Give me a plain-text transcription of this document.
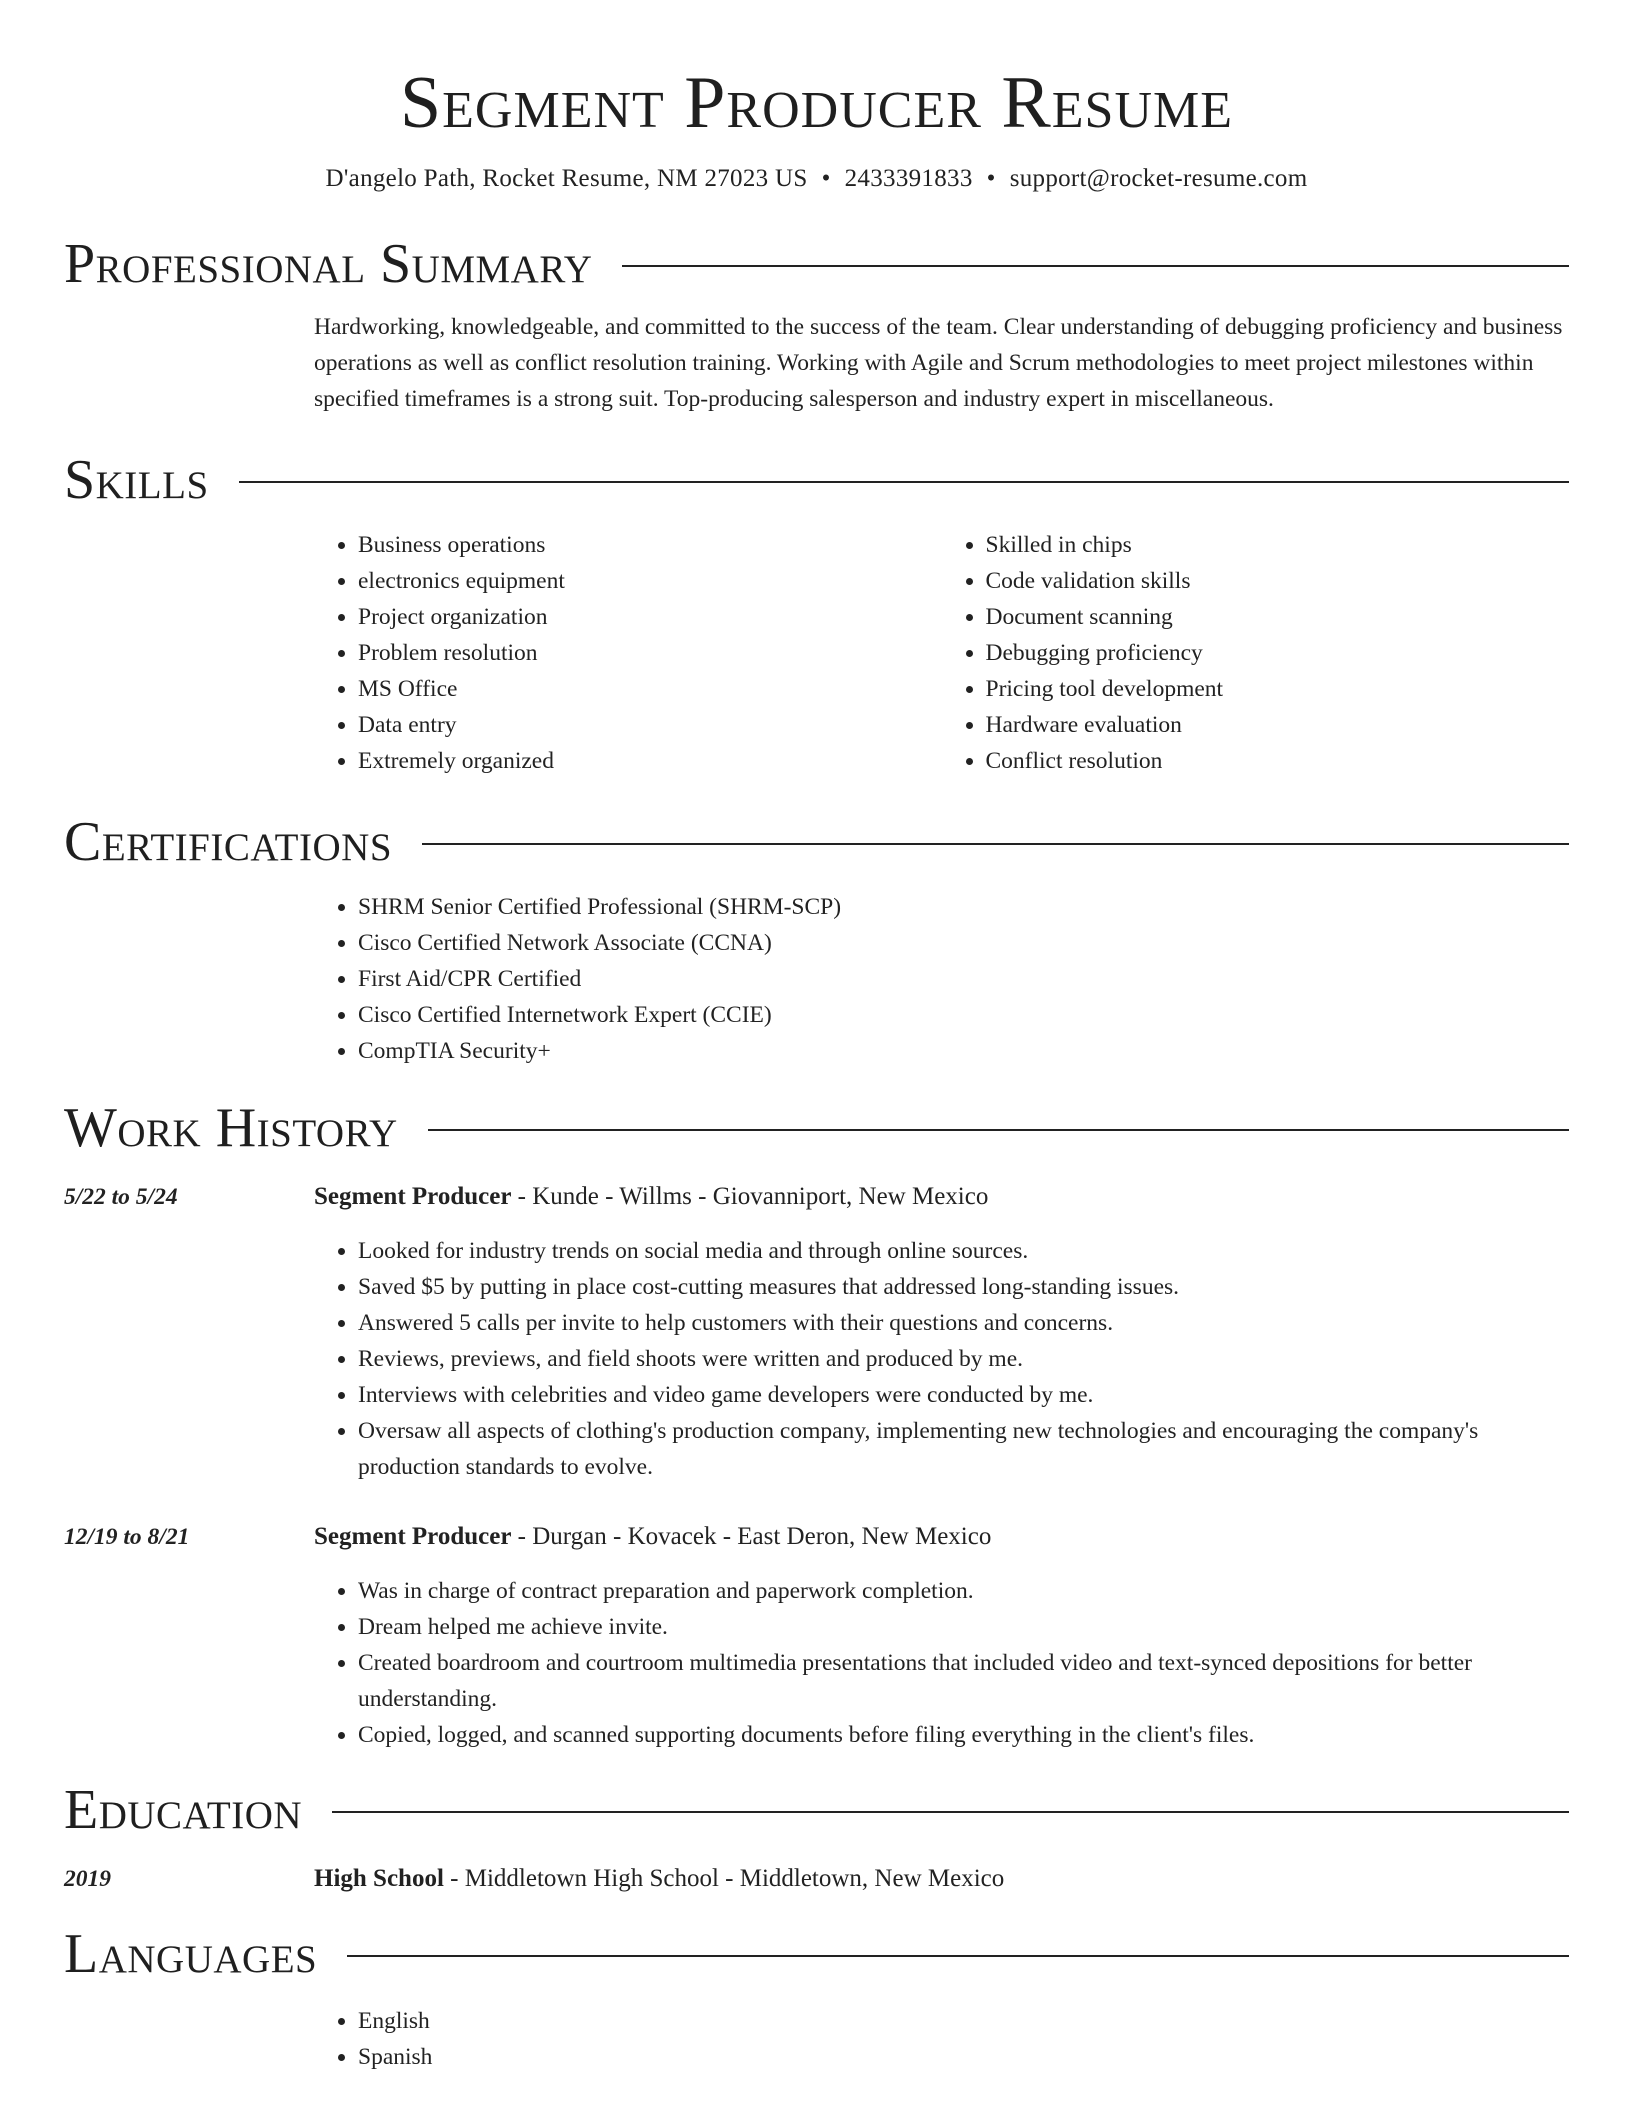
Segment Producer Resume
D'angelo Path, Rocket Resume, NM 27023 US • 2433391833 • support@rocket-resume.com
Professional Summary
Hardworking, knowledgeable, and committed to the success of the team. Clear understanding of debugging proficiency and business operations as well as conflict resolution training. Working with Agile and Scrum methodologies to meet project milestones within specified timeframes is a strong suit. Top-producing salesperson and industry expert in miscellaneous.
Skills
• Business operations
• electronics equipment
• Project organization
• Problem resolution
• MS Office
• Data entry
• Extremely organized
• Skilled in chips
• Code validation skills
• Document scanning
• Debugging proficiency
• Pricing tool development
• Hardware evaluation
• Conflict resolution
Certifications
• SHRM Senior Certified Professional (SHRM-SCP)
• Cisco Certified Network Associate (CCNA)
• First Aid/CPR Certified
• Cisco Certified Internetwork Expert (CCIE)
• CompTIA Security+
Work History
5/22 to 5/24	Segment Producer - Kunde - Willms - Giovanniport, New Mexico
• Looked for industry trends on social media and through online sources.
• Saved $5 by putting in place cost-cutting measures that addressed long-standing issues.
• Answered 5 calls per invite to help customers with their questions and concerns.
• Reviews, previews, and field shoots were written and produced by me.
• Interviews with celebrities and video game developers were conducted by me.
• Oversaw all aspects of clothing's production company, implementing new technologies and encouraging the company's production standards to evolve.
12/19 to 8/21	Segment Producer - Durgan - Kovacek - East Deron, New Mexico
• Was in charge of contract preparation and paperwork completion.
• Dream helped me achieve invite.
• Created boardroom and courtroom multimedia presentations that included video and text-synced depositions for better understanding.
• Copied, logged, and scanned supporting documents before filing everything in the client's files.
Education
2019	High School - Middletown High School - Middletown, New Mexico
Languages
• English
• Spanish
